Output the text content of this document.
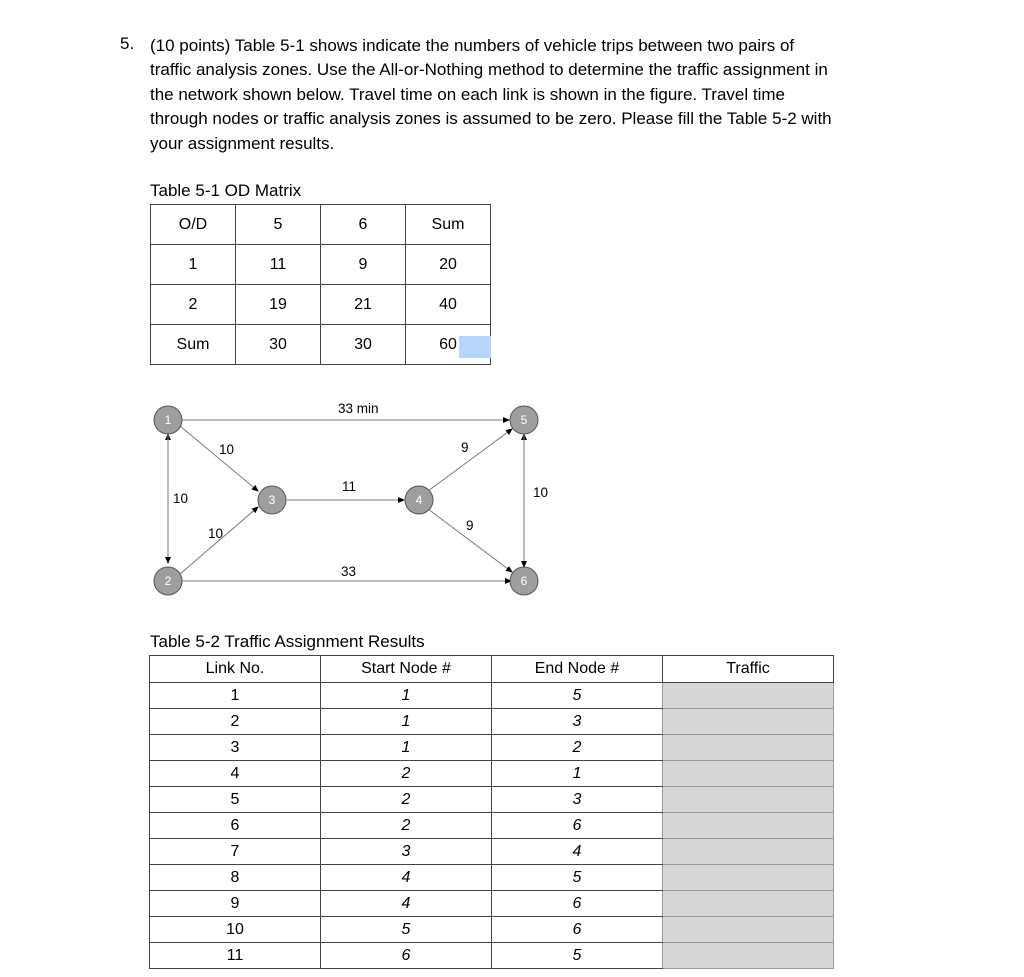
5. (10 points) Table 5-1 shows indicate the numbers of vehicle trips between two pairs of
traffic analysis zones. Use the All-or-Nothing method to determine the traffic assignment in
the network shown below. Travel time on each link is shown in the figure. Travel time
through nodes or traffic analysis zones is assumed to be zero. Please fill the Table 5-2 with
your assignment results.
Table 5-1 OD Matrix
O/D	5	6	Sum
1	11	9	20
2	19	21	40
Sum	30	30	60
33 min
10
10
10
11
33
9
9
10
1
2
3	4
5
6
Table 5-2 Traffic Assignment Results
Link No.	Start Node #	End Node #	Traffic
1	1	5	
2	1	3	
3	1	2	
4	2	1	
5	2	3	
6	2	6	
7	3	4	
8	4	5	
9	4	6	
10	5	6	
11	6	5	
